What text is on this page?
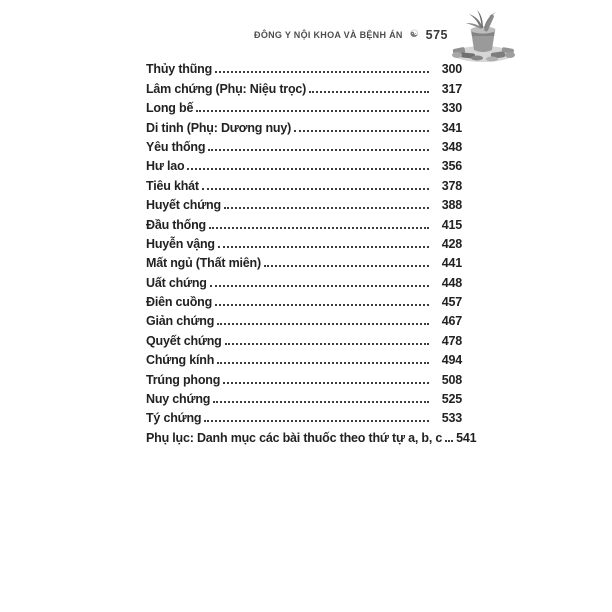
ĐÔNG Y NỘI KHOA VÀ BỆNH ÁN ☯ 575
Thủy thũng	300
Lâm chứng (Phụ: Niệu trọc)	317
Long bế	330
Di tinh (Phụ: Dương nuy)	341
Yêu thống	348
Hư lao	356
Tiêu khát	378
Huyết chứng	388
Đầu thống	415
Huyễn vậng	428
Mất ngủ (Thất miên)	441
Uất chứng	448
Điên cuồng	457
Giản chứng	467
Quyết chứng	478
Chứng kính	494
Trúng phong	508
Nuy chứng	525
Tý chứng	533
Phụ lục: Danh mục các bài thuốc theo thứ tự a, b, c 541
